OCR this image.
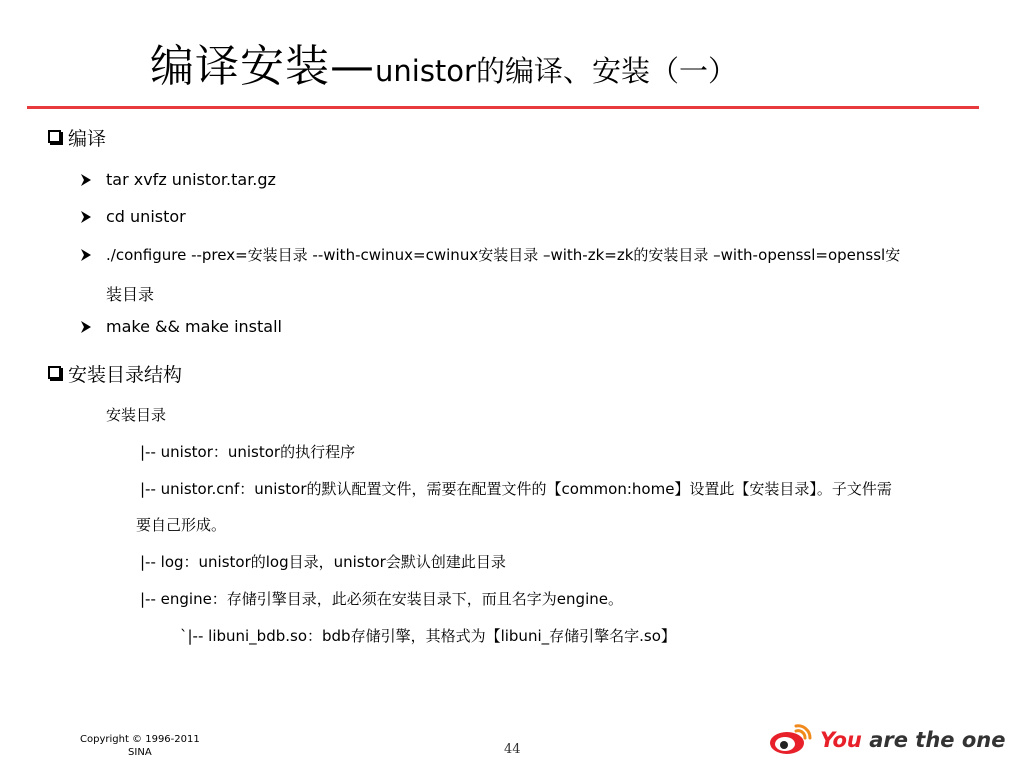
编译安装—unistor的编译、安装（一）
编译
tar xvfz unistor.tar.gz
cd unistor
./configure --prex=安装目录 --with-cwinux=cwinux安装目录 –with-zk=zk的安装目录 –with-openssl=openssl安
装目录
make && make install
安装目录结构
安装目录
|-- unistor：unistor的执行程序
|-- unistor.cnf：unistor的默认配置文件，需要在配置文件的【common:home】设置此【安装目录】。子文件需
要自己形成。
|-- log：unistor的log目录，unistor会默认创建此目录
|-- engine：存储引擎目录，此必须在安装目录下，而且名字为engine。
`|-- libuni_bdb.so：bdb存储引擎，其格式为【libuni_存储引擎名字.so】
Copyright © 1996-2011
SINA	44	You are the one
